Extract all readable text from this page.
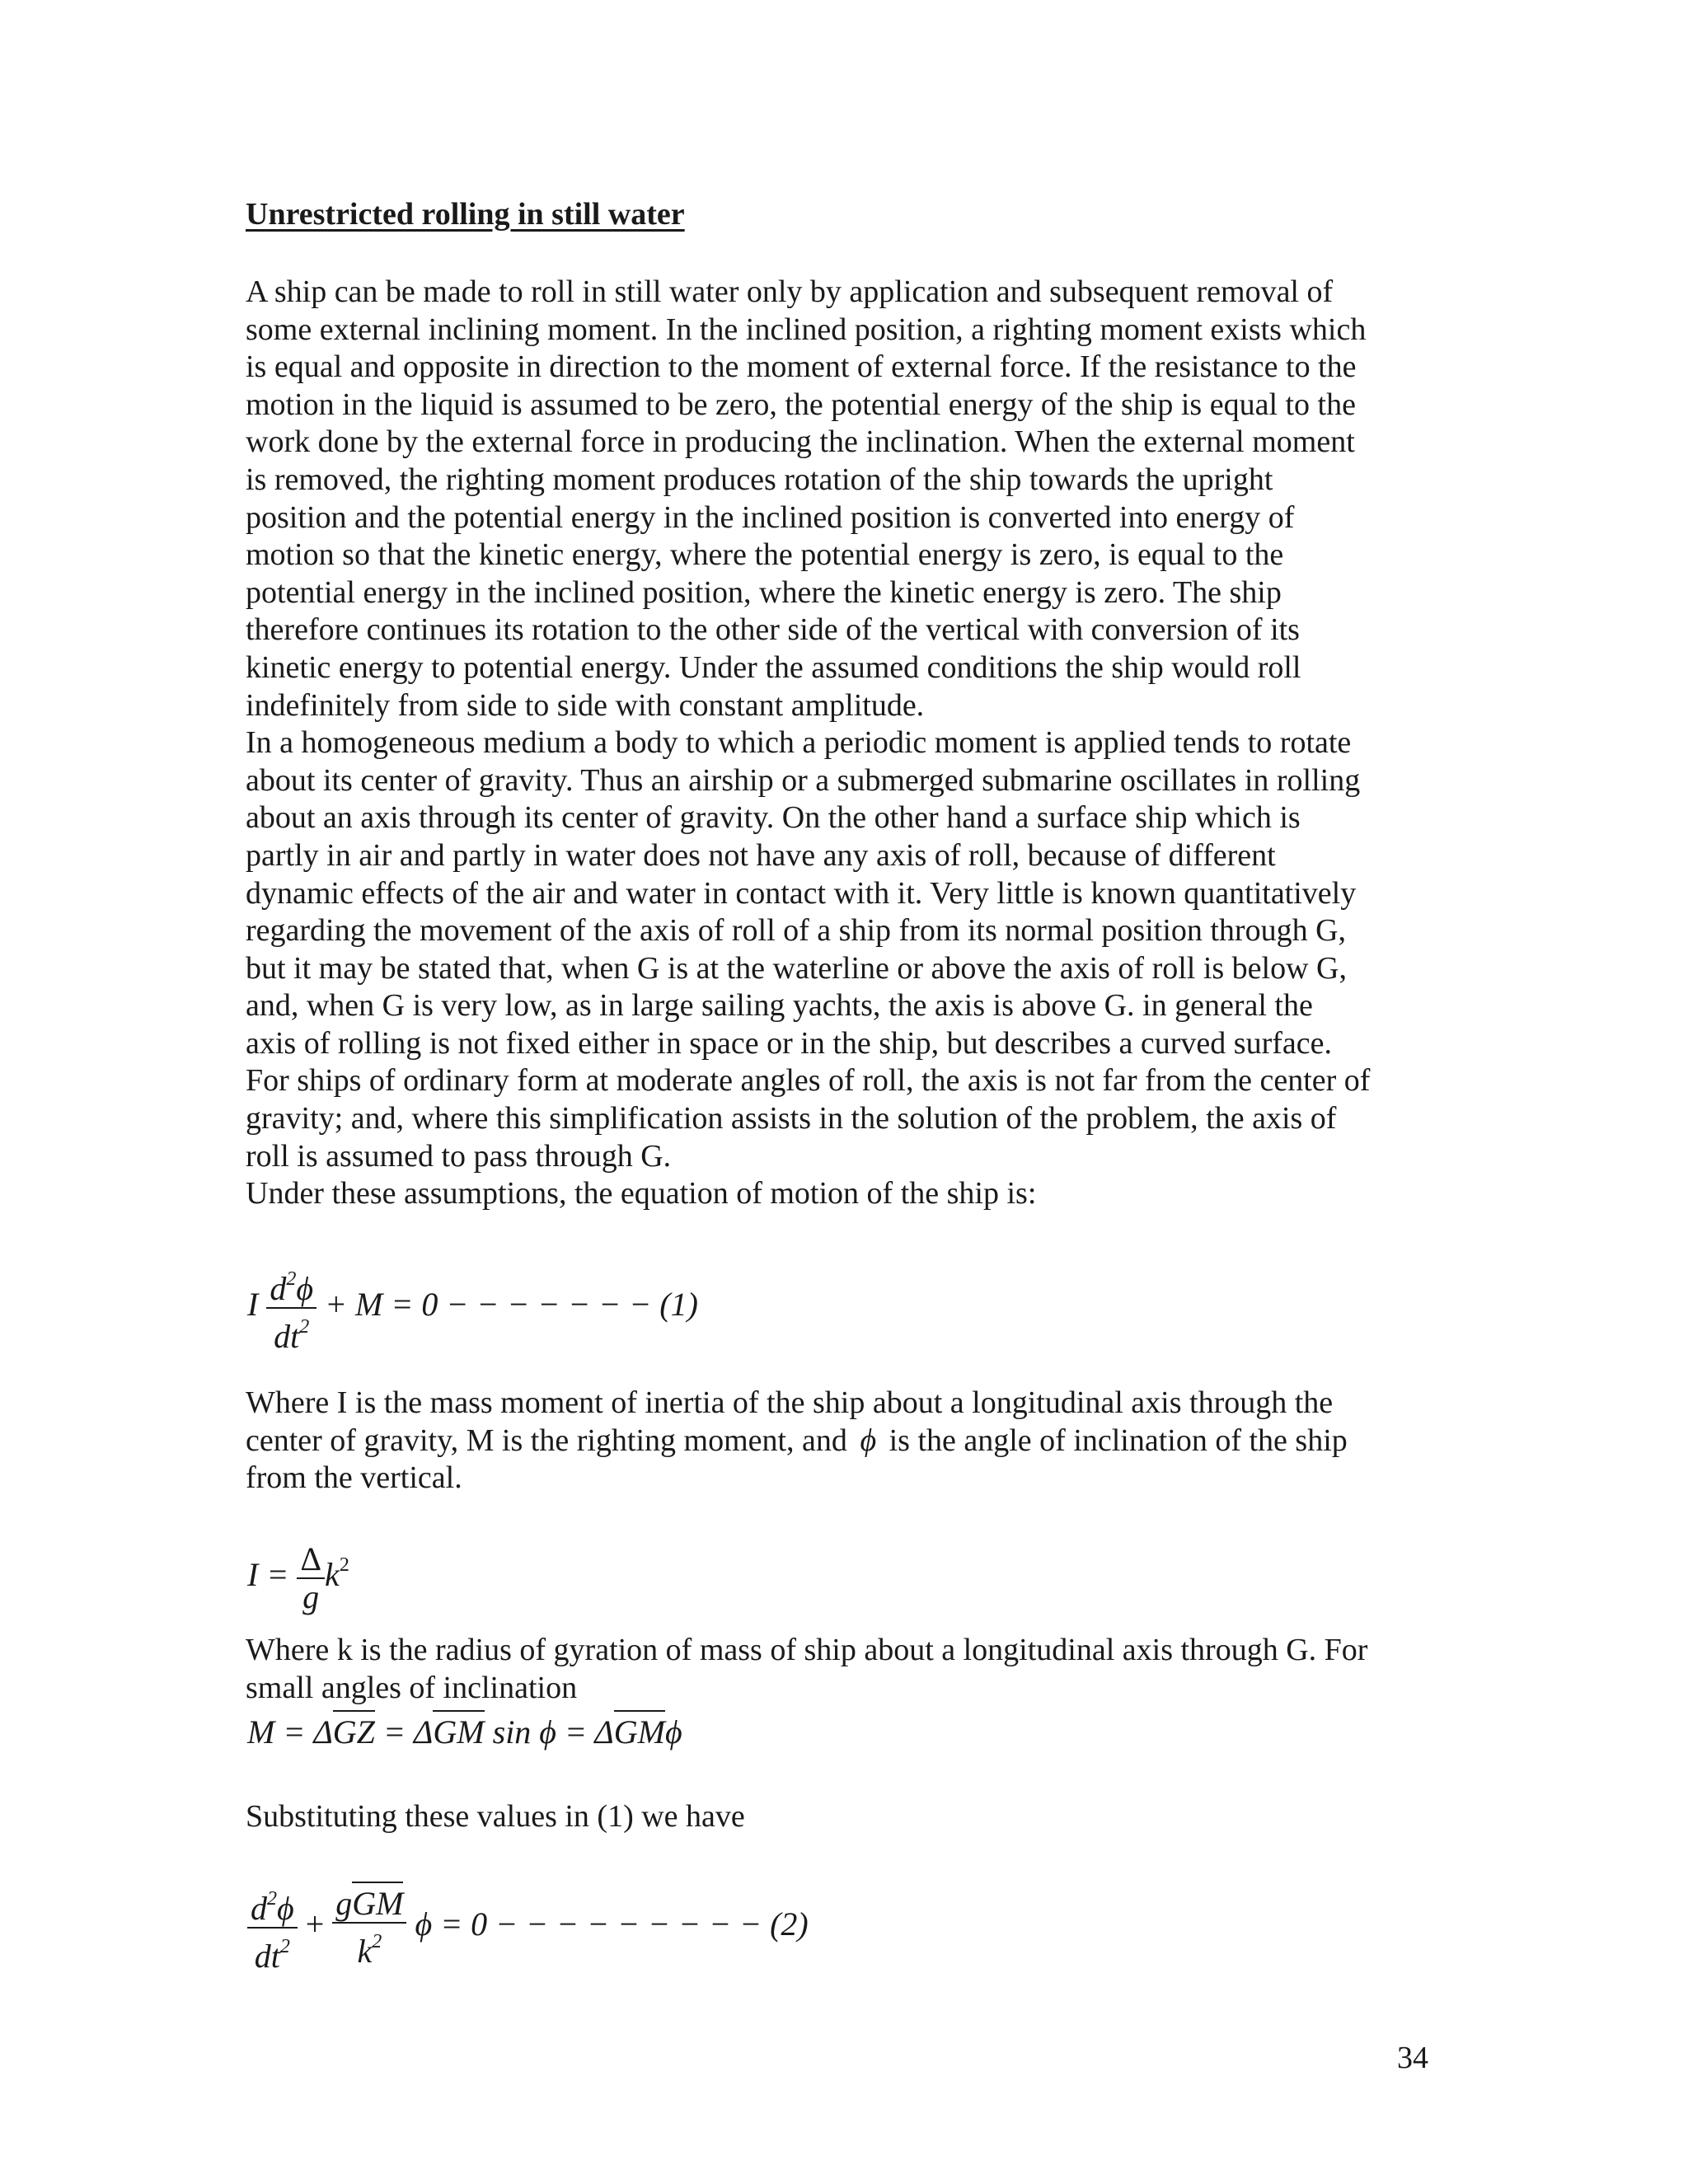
Unrestricted rolling in still water
A ship can be made to roll in still water only by application and subsequent removal of
some external inclining moment. In the inclined position, a righting moment exists which
is equal and opposite in direction to the moment of external force. If the resistance to the
motion in the liquid is assumed to be zero, the potential energy of the ship is equal to the
work done by the external force in producing the inclination. When the external moment
is removed, the righting moment produces rotation of the ship towards the upright
position and the potential energy in the inclined position is converted into energy of
motion so that the kinetic energy, where the potential energy is zero, is equal to the
potential energy in the inclined position, where the kinetic energy is zero. The ship
therefore continues its rotation to the other side of the vertical with conversion of its
kinetic energy to potential energy. Under the assumed conditions the ship would roll
indefinitely from side to side with constant amplitude.
In a homogeneous medium a body to which a periodic moment is applied tends to rotate
about its center of gravity. Thus an airship or a submerged submarine oscillates in rolling
about an axis through its center of gravity. On the other hand a surface ship which is
partly in air and partly in water does not have any axis of roll, because of different
dynamic effects of the air and water in contact with it. Very little is known quantitatively
regarding the movement of the axis of roll of a ship from its normal position through G,
but it may be stated that, when G is at the waterline or above the axis of roll is below G,
and, when G is very low, as in large sailing yachts, the axis is above G. in general the
axis of rolling is not fixed either in space or in the ship, but describes a curved surface.
For ships of ordinary form at moderate angles of roll, the axis is not far from the center of
gravity; and, where this simplification assists in the solution of the problem, the axis of
roll is assumed to pass through G.
Under these assumptions, the equation of motion of the ship is:
I $\frac{d^2\phi}{dt^2} + M = 0$ − − − − − − − (1)
Where I is the mass moment of inertia of the ship about a longitudinal axis through the
center of gravity, M is the righting moment, and ϕ is the angle of inclination of the ship
from the vertical.
$I = \frac{\Delta}{g} k^2$
Where k is the radius of gyration of mass of ship about a longitudinal axis through G. For
small angles of inclination
M = ΔGZ = ΔGM sin ϕ = ΔGMϕ
Substituting these values in (1) we have
$\frac{d^2\phi}{dt^2} + \frac{\text{gGM}}{k^2}$ ϕ = 0 − − − − − − − − − (2)
34
